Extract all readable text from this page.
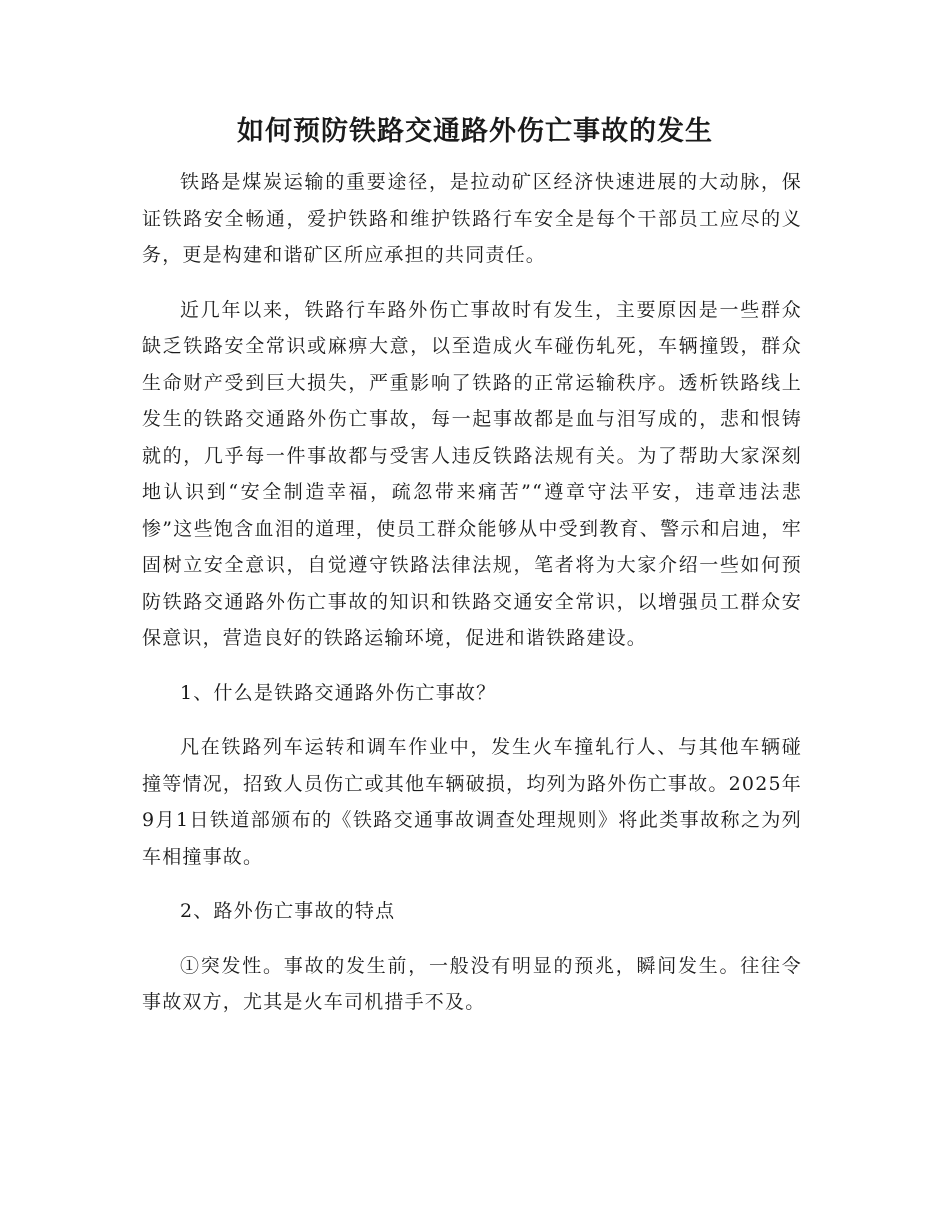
如何预防铁路交通路外伤亡事故的发生

铁路是煤炭运输的重要途径，是拉动矿区经济快速进展的大动脉，保证铁路安全畅通，爱护铁路和维护铁路行车安全是每个干部员工应尽的义务，更是构建和谐矿区所应承担的共同责任。

近几年以来，铁路行车路外伤亡事故时有发生，主要原因是一些群众缺乏铁路安全常识或麻痹大意，以至造成火车碰伤轧死，车辆撞毁，群众生命财产受到巨大损失，严重影响了铁路的正常运输秩序。透析铁路线上发生的铁路交通路外伤亡事故，每一起事故都是血与泪写成的，悲和恨铸就的，几乎每一件事故都与受害人违反铁路法规有关。为了帮助大家深刻地认识到“安全制造幸福，疏忽带来痛苦”“遵章守法平安，违章违法悲惨”这些饱含血泪的道理，使员工群众能够从中受到教育、警示和启迪，牢固树立安全意识，自觉遵守铁路法律法规，笔者将为大家介绍一些如何预防铁路交通路外伤亡事故的知识和铁路交通安全常识，以增强员工群众安保意识，营造良好的铁路运输环境，促进和谐铁路建设。

1、什么是铁路交通路外伤亡事故？

凡在铁路列车运转和调车作业中，发生火车撞轧行人、与其他车辆碰撞等情况，招致人员伤亡或其他车辆破损，均列为路外伤亡事故。2025年9月1日铁道部颁布的《铁路交通事故调查处理规则》将此类事故称之为列车相撞事故。

2、路外伤亡事故的特点

①突发性。事故的发生前，一般没有明显的预兆，瞬间发生。往往令事故双方，尤其是火车司机措手不及。
